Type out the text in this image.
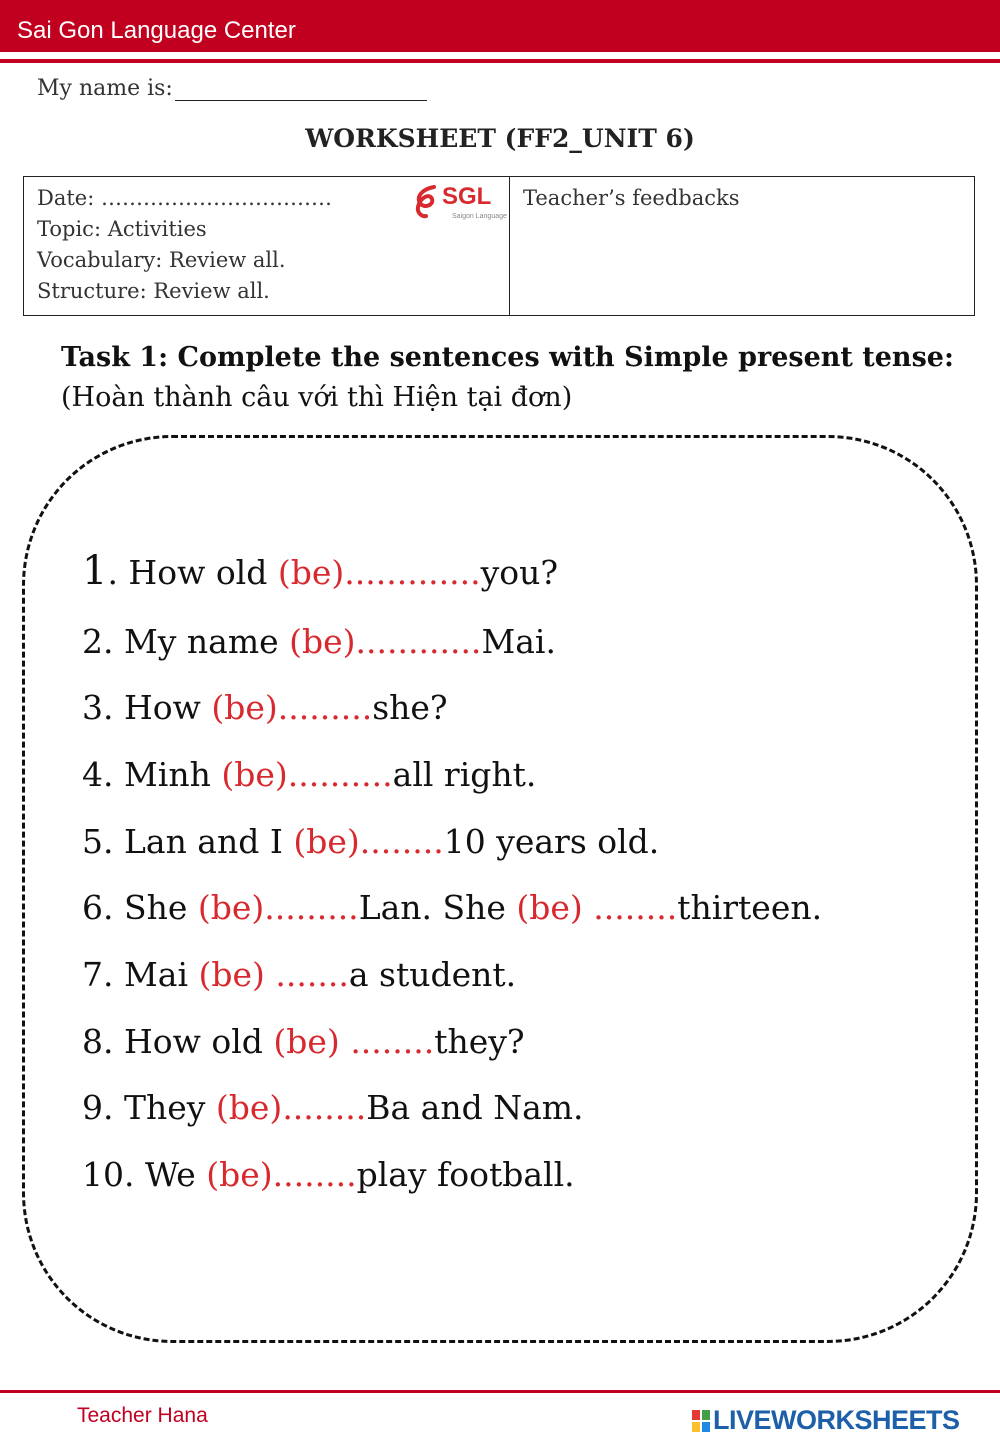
Sai Gon Language Center
My name is:
WORKSHEET (FF2_UNIT 6)
Date: ……………………………
Topic: Activities
Vocabulary: Review all.
Structure: Review all.
SGL
Saigon Language
Teacher’s feedbacks
Task 1: Complete the sentences with Simple present tense: (Hoàn thành câu với thì Hiện tại đơn)
1. How old (be).............you?
2. My name (be)............Mai.
3. How (be).........she?
4. Minh (be)..........all right.
5. Lan and I (be)........10 years old.
6. She (be).........Lan. She (be) ........thirteen.
7. Mai (be) .......a student.
8. How old (be) ........they?
9. They (be)........Ba and Nam.
10. We (be)........play football.
Teacher Hana	LIVEWORKSHEETS
